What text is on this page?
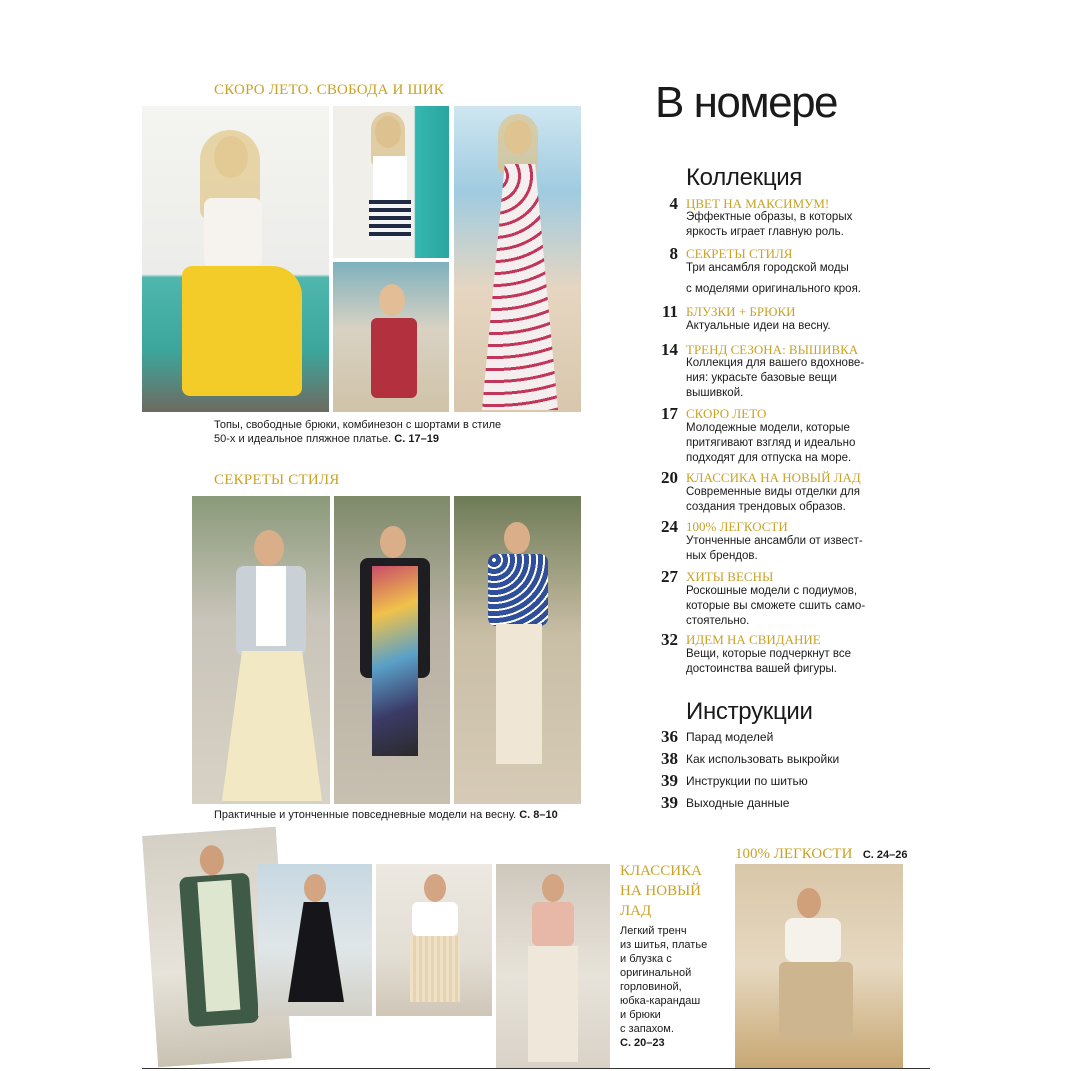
СКОРО ЛЕТО. СВОБОДА И ШИК
Топы, свободные брюки, комбинезон с шортами в стиле
50-х и идеальное пляжное платье. С. 17–19
СЕКРЕТЫ СТИЛЯ
Практичные и утонченные повседневные модели на весну. С. 8–10
В номере
Коллекция
4 ЦВЕТ НА МАКСИМУМ!
Эффектные образы, в которых
яркость играет главную роль.
8 СЕКРЕТЫ СТИЛЯ
Три ансамбля городской моды
с моделями оригинального кроя.
11 БЛУЗКИ + БРЮКИ
Актуальные идеи на весну.
14 ТРЕНД СЕЗОНА: ВЫШИВКА
Коллекция для вашего вдохнове-
ния: украсьте базовые вещи
вышивкой.
17 СКОРО ЛЕТО
Молодежные модели, которые
притягивают взгляд и идеально
подходят для отпуска на море.
20 КЛАССИКА НА НОВЫЙ ЛАД
Современные виды отделки для
создания трендовых образов.
24 100% ЛЕГКОСТИ
Утонченные ансамбли от извест-
ных брендов.
27 ХИТЫ ВЕСНЫ
Роскошные модели с подиумов,
которые вы сможете сшить само-
стоятельно.
32 ИДЕМ НА СВИДАНИЕ
Вещи, которые подчеркнут все
достоинства вашей фигуры.
Инструкции
36 Парад моделей
38 Как использовать выкройки
39 Инструкции по шитью
39 Выходные данные
КЛАССИКА
НА НОВЫЙ
ЛАД
Легкий тренч
из шитья, платье
и блузка с
оригинальной
горловиной,
юбка-карандаш
и брюки
с запахом.
С. 20–23
100% ЛЕГКОСТИ С. 24–26
